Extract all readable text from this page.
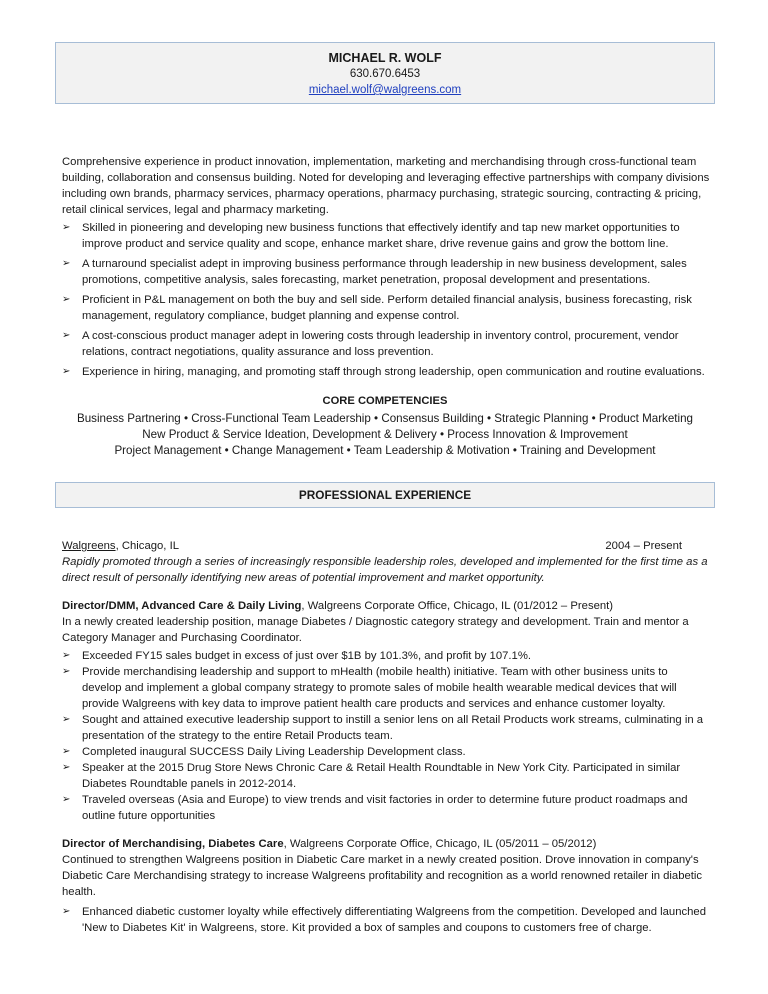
MICHAEL R. WOLF
630.670.6453
michael.wolf@walgreens.com

Comprehensive experience in product innovation, implementation, marketing and merchandising through cross-functional team building, collaboration and consensus building. Noted for developing and leveraging effective partnerships with company divisions including own brands, pharmacy services, pharmacy operations, pharmacy purchasing, strategic sourcing, contracting & pricing, retail clinical services, legal and pharmacy marketing.

➢	Skilled in pioneering and developing new business functions that effectively identify and tap new market opportunities to improve product and service quality and scope, enhance market share, drive revenue gains and grow the bottom line.
➢	A turnaround specialist adept in improving business performance through leadership in new business development, sales promotions, competitive analysis, sales forecasting, market penetration, proposal development and presentations.
➢	Proficient in P&L management on both the buy and sell side. Perform detailed financial analysis, business forecasting, risk management, regulatory compliance, budget planning and expense control.
➢	A cost-conscious product manager adept in lowering costs through leadership in inventory control, procurement, vendor relations, contract negotiations, quality assurance and loss prevention.
➢	Experience in hiring, managing, and promoting staff through strong leadership, open communication and routine evaluations.
CORE COMPETENCIES
Business Partnering • Cross-Functional Team Leadership • Consensus Building • Strategic Planning • Product Marketing
New Product & Service Ideation, Development & Delivery • Process Innovation & Improvement
Project Management • Change Management • Team Leadership & Motivation • Training and Development
PROFESSIONAL EXPERIENCE
Walgreens, Chicago, IL	2004 – Present

Rapidly promoted through a series of increasingly responsible leadership roles, developed and implemented for the first time as a direct result of personally identifying new areas of potential improvement and market opportunity.

Director/DMM, Advanced Care & Daily Living, Walgreens Corporate Office, Chicago, IL (01/2012 – Present)

In a newly created leadership position, manage Diabetes / Diagnostic category strategy and development. Train and mentor a Category Manager and Purchasing Coordinator.

➢	Exceeded FY15 sales budget in excess of just over $1B by 101.3%, and profit by 107.1%.
➢	Provide merchandising leadership and support to mHealth (mobile health) initiative. Team with other business units to develop and implement a global company strategy to promote sales of mobile health wearable medical devices that will provide Walgreens with key data to improve patient health care products and services and enhance customer loyalty.
➢	Sought and attained executive leadership support to instill a senior lens on all Retail Products work streams, culminating in a presentation of the strategy to the entire Retail Products team.
➢	Completed inaugural SUCCESS Daily Living Leadership Development class.
➢	Speaker at the 2015 Drug Store News Chronic Care & Retail Health Roundtable in New York City. Participated in similar Diabetes Roundtable panels in 2012-2014.
➢	Traveled overseas (Asia and Europe) to view trends and visit factories in order to determine future product roadmaps and outline future opportunities
Director of Merchandising, Diabetes Care, Walgreens Corporate Office, Chicago, IL (05/2011 – 05/2012)

Continued to strengthen Walgreens position in Diabetic Care market in a newly created position. Drove innovation in company's Diabetic Care Merchandising strategy to increase Walgreens profitability and recognition as a world renowned retailer in diabetic health.

➢	Enhanced diabetic customer loyalty while effectively differentiating Walgreens from the competition. Developed and launched 'New to Diabetes Kit' in Walgreens, store. Kit provided a box of samples and coupons to customers free of charge.
